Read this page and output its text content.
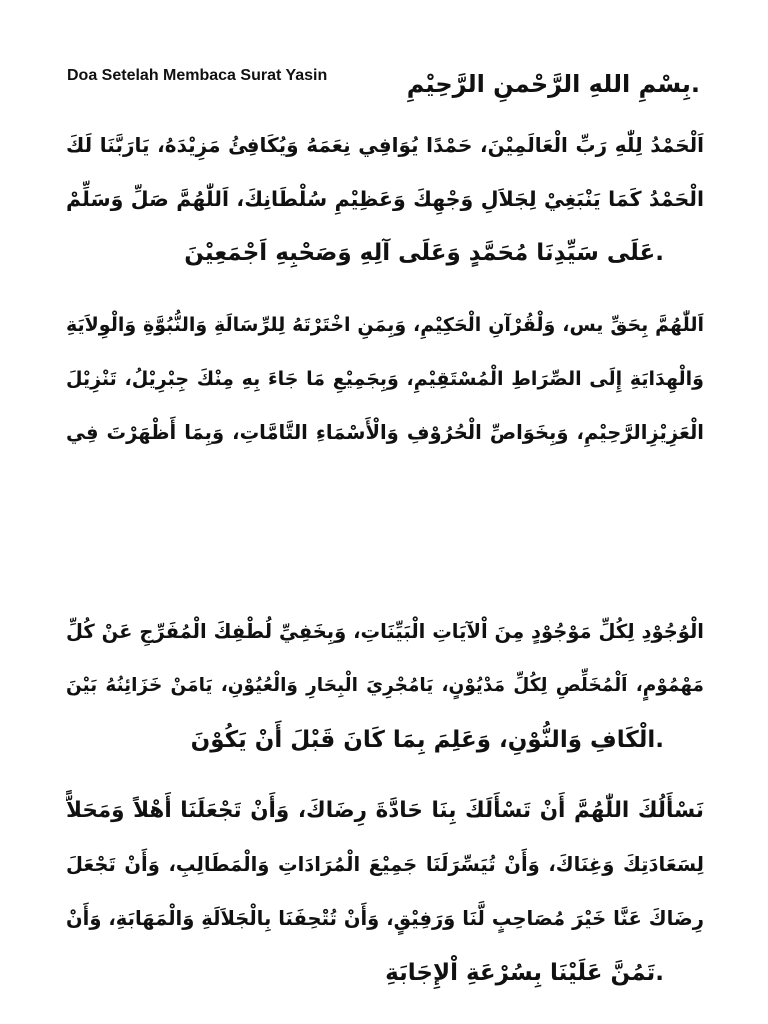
Doa Setelah Membaca Surat Yasin	.بِسْمِ اللهِ الرَّحْمنِ الرَّحِيْمِ
اَلْحَمْدُ لِلّٰهِ رَبِّ الْعَالَمِيْنَ، حَمْدًا يُوَافِي نِعَمَهُ وَيُكَافِئُ مَزِيْدَهُ، يَارَبَّنَا لَكَ
الْحَمْدُ كَمَا يَنْبَغِيْ لِجَلاَلِ وَجْهِكَ وَعَظِيْمِ سُلْطَانِكَ، اَللّٰهُمَّ صَلِّ وَسَلِّمْ
.عَلَى سَيِّدِنَا مُحَمَّدٍ وَعَلَى آلِهِ وَصَحْبِهِ اَجْمَعِيْنَ
اَللّٰهُمَّ بِحَقِّ يس، وَلْقُرْآنِ الْحَكِيْمِ، وَبِمَنِ اخْتَرْتَهُ لِلرِّسَالَةِ وَالنُّبُوَّةِ وَالْوِلاَيَةِ
وَالْهِدَايَةِ إِلَى الصِّرَاطِ الْمُسْتَقِيْمِ، وَبِجَمِيْعِ مَا جَاءَ بِهِ مِنْكَ جِبْرِيْلُ، تَنْزِيْلَ
الْعَزِيْزِالرَّحِيْمِ، وَبِخَوَاصِّ الْحُرُوْفِ وَالْأَسْمَاءِ التَّامَّاتِ، وَبِمَا أَظْهَرْتَ فِي
الْوُجُوْدِ لِكُلِّ مَوْجُوْدٍ مِنَ اْلآيَاتِ الْبَيِّنَاتِ، وَبِخَفِيِّ لُطْفِكَ الْمُفَرِّجِ عَنْ كُلِّ
مَهْمُوْمٍ، اَلْمُخَلِّصِ لِكُلِّ مَدْيُوْنٍ، يَامُجْرِيَ الْبِحَارِ وَالْعُيُوْنِ، يَامَنْ خَزَائِنُهُ بَيْنَ
.الْكَافِ وَالنُّوْنِ، وَعَلِمَ بِمَا كَانَ قَبْلَ أَنْ يَكُوْنَ
نَسْأَلُكَ اللّٰهُمَّ أَنْ تَسْأَلَكَ بِنَا حَادَّةَ رِضَاكَ، وَأَنْ تَجْعَلَنَا أَهْلاً وَمَحَلاًّ
لِسَعَادَتِكَ وَغِنَاكَ، وَأَنْ تُيَسِّرَلَنَا جَمِيْعَ الْمُرَادَاتِ وَالْمَطَالِبِ، وَأَنْ تَجْعَلَ
رِضَاكَ عَنَّا خَيْرَ مُصَاحِبٍ لَّنَا وَرَفِيْقٍ، وَأَنْ تُتْحِفَنَا بِالْجَلاَلَةِ وَالْمَهَابَةِ، وَأَنْ
.تَمُنَّ عَلَيْنَا بِسُرْعَةِ اْلإِجَابَةِ
